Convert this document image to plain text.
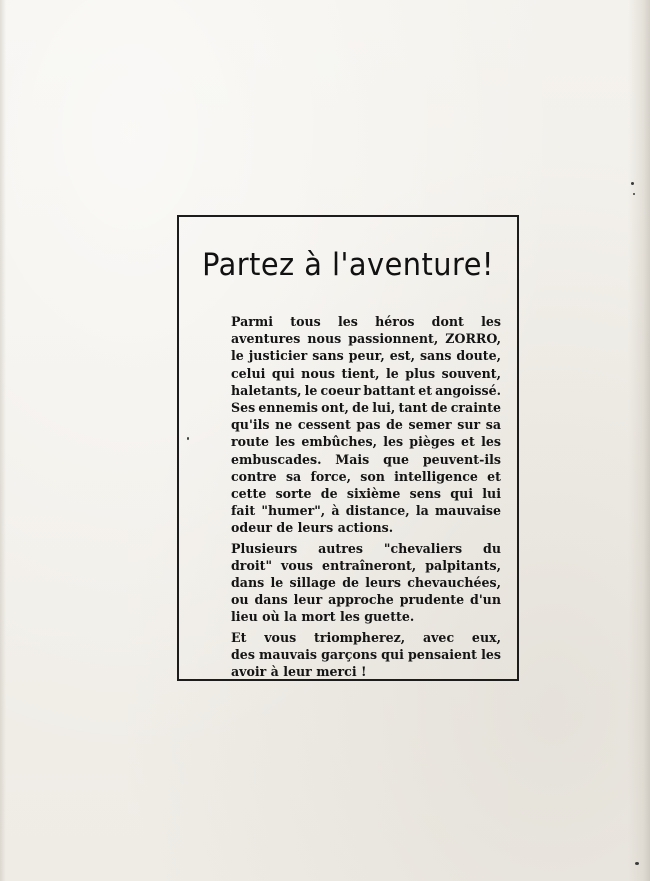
Partez à l'aventure!
Parmi tous les héros dont les
aventures nous passionnent, ZORRO,
le justicier sans peur, est, sans doute,
celui qui nous tient, le plus souvent,
haletants, le coeur battant et angoissé.
Ses ennemis ont, de lui, tant de crainte
qu'ils ne cessent pas de semer sur sa
route les embûches, les pièges et les
embuscades. Mais que peuvent-ils
contre sa force, son intelligence et
cette sorte de sixième sens qui lui
fait "humer", à distance, la mauvaise
odeur de leurs actions.
Plusieurs autres "chevaliers du
droit" vous entraîneront, palpitants,
dans le sillage de leurs chevauchées,
ou dans leur approche prudente d'un
lieu où la mort les guette.
Et vous triompherez, avec eux,
des mauvais garçons qui pensaient les
avoir à leur merci !
